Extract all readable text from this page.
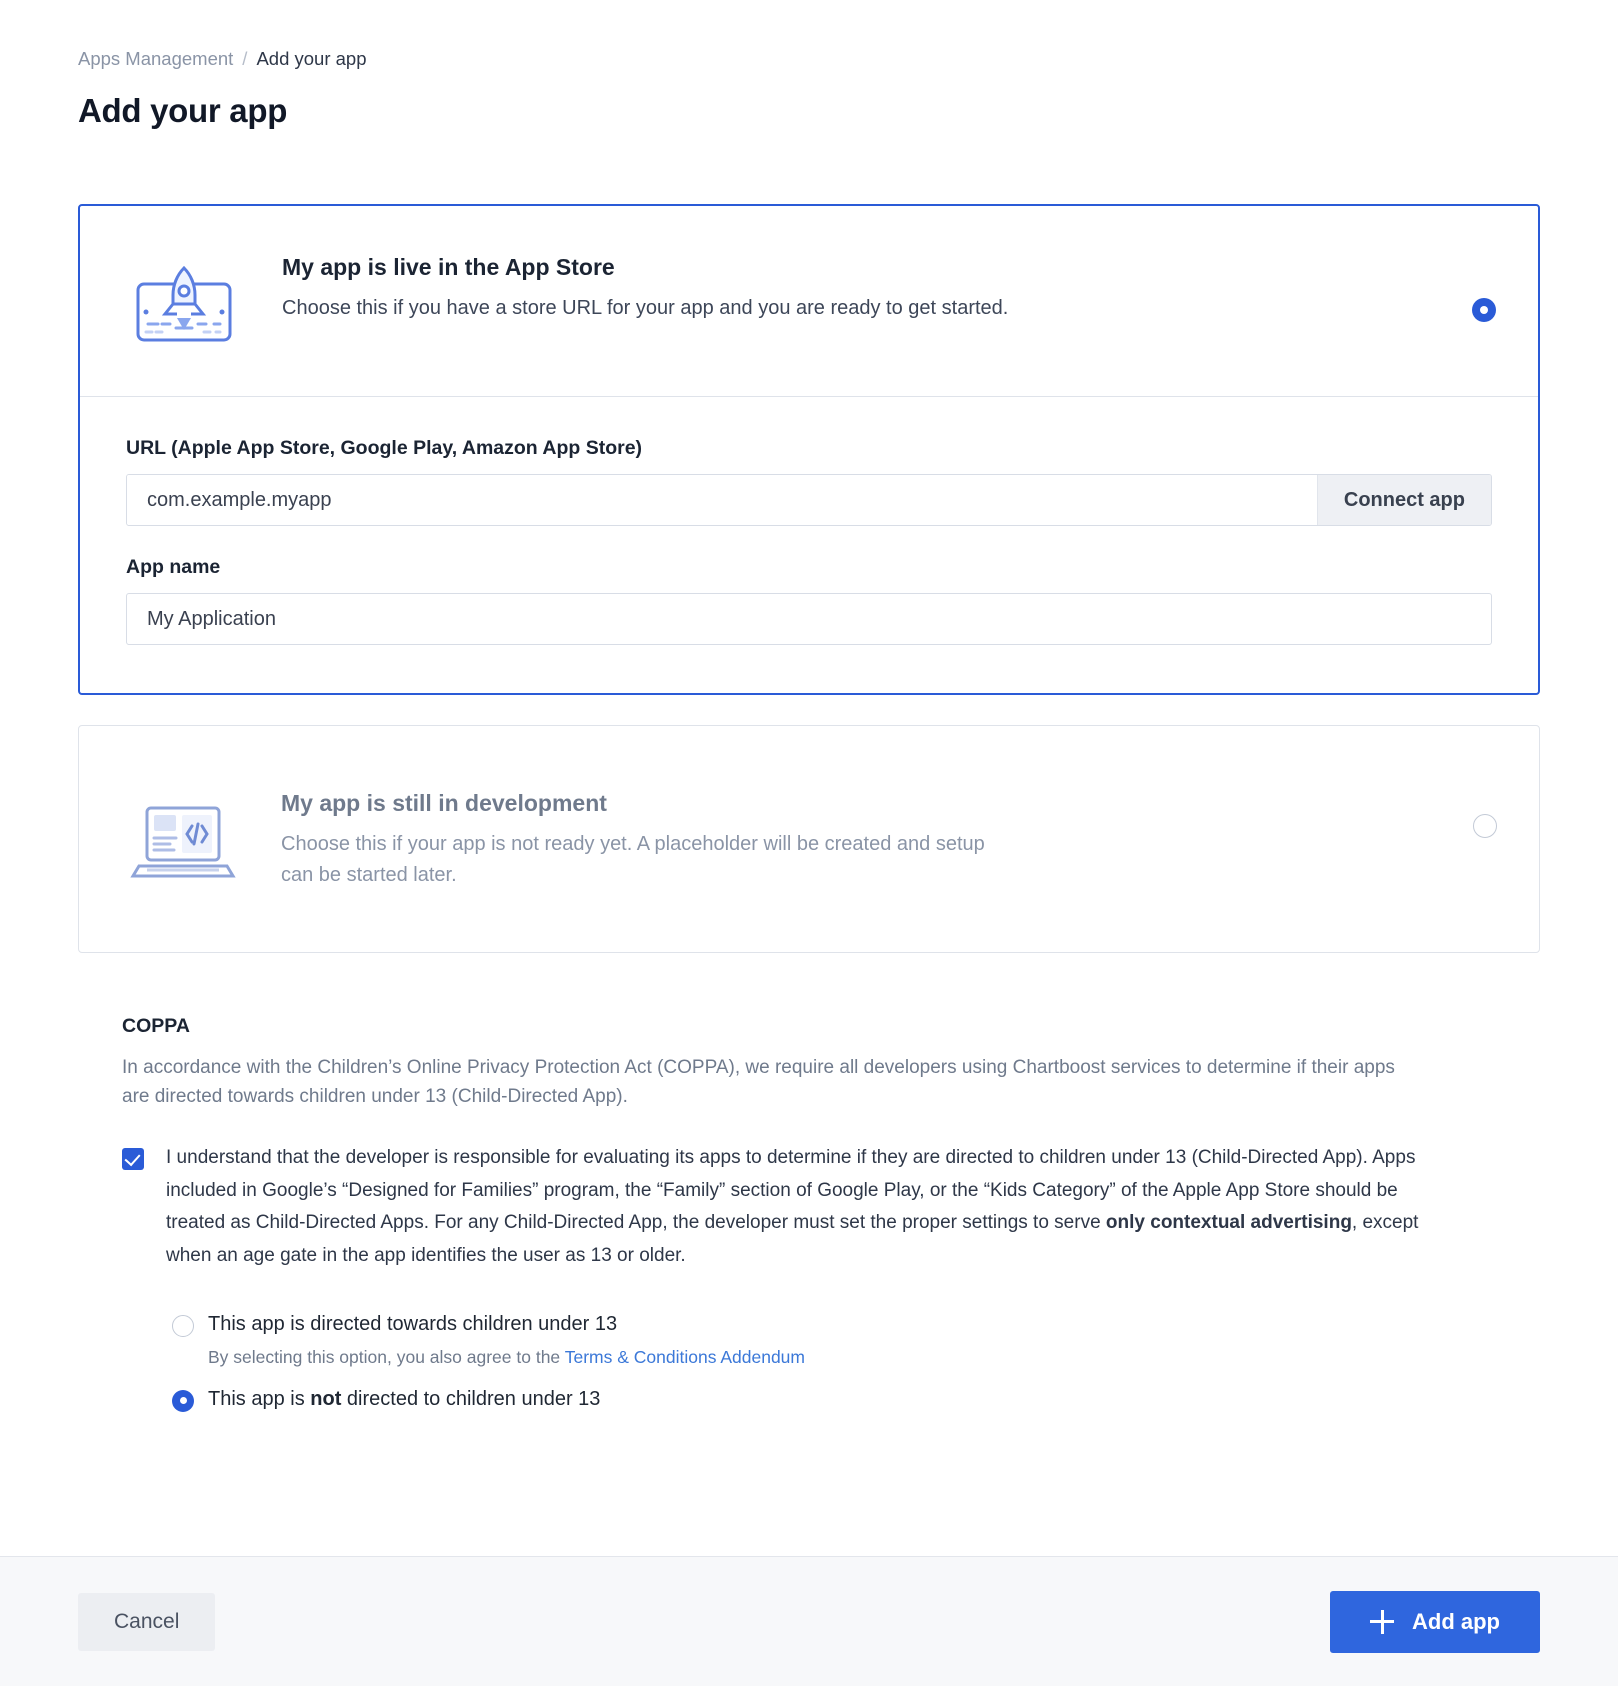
Apps Management / Add your app
Add your app
My app is live in the App Store
Choose this if you have a store URL for your app and you are ready to get started.
URL (Apple App Store, Google Play, Amazon App Store)
com.example.myapp
Connect app
App name
My Application
My app is still in development
Choose this if your app is not ready yet. A placeholder will be created and setup can be started later.
COPPA
In accordance with the Children’s Online Privacy Protection Act (COPPA), we require all developers using Chartboost services to determine if their apps are directed towards children under 13 (Child-Directed App).
I understand that the developer is responsible for evaluating its apps to determine if they are directed to children under 13 (Child-Directed App). Apps included in Google’s “Designed for Families” program, the “Family” section of Google Play, or the “Kids Category” of the Apple App Store should be treated as Child-Directed Apps. For any Child-Directed App, the developer must set the proper settings to serve only contextual advertising, except when an age gate in the app identifies the user as 13 or older.
This app is directed towards children under 13
By selecting this option, you also agree to the Terms & Conditions Addendum
This app is not directed to children under 13
Cancel	Add app
